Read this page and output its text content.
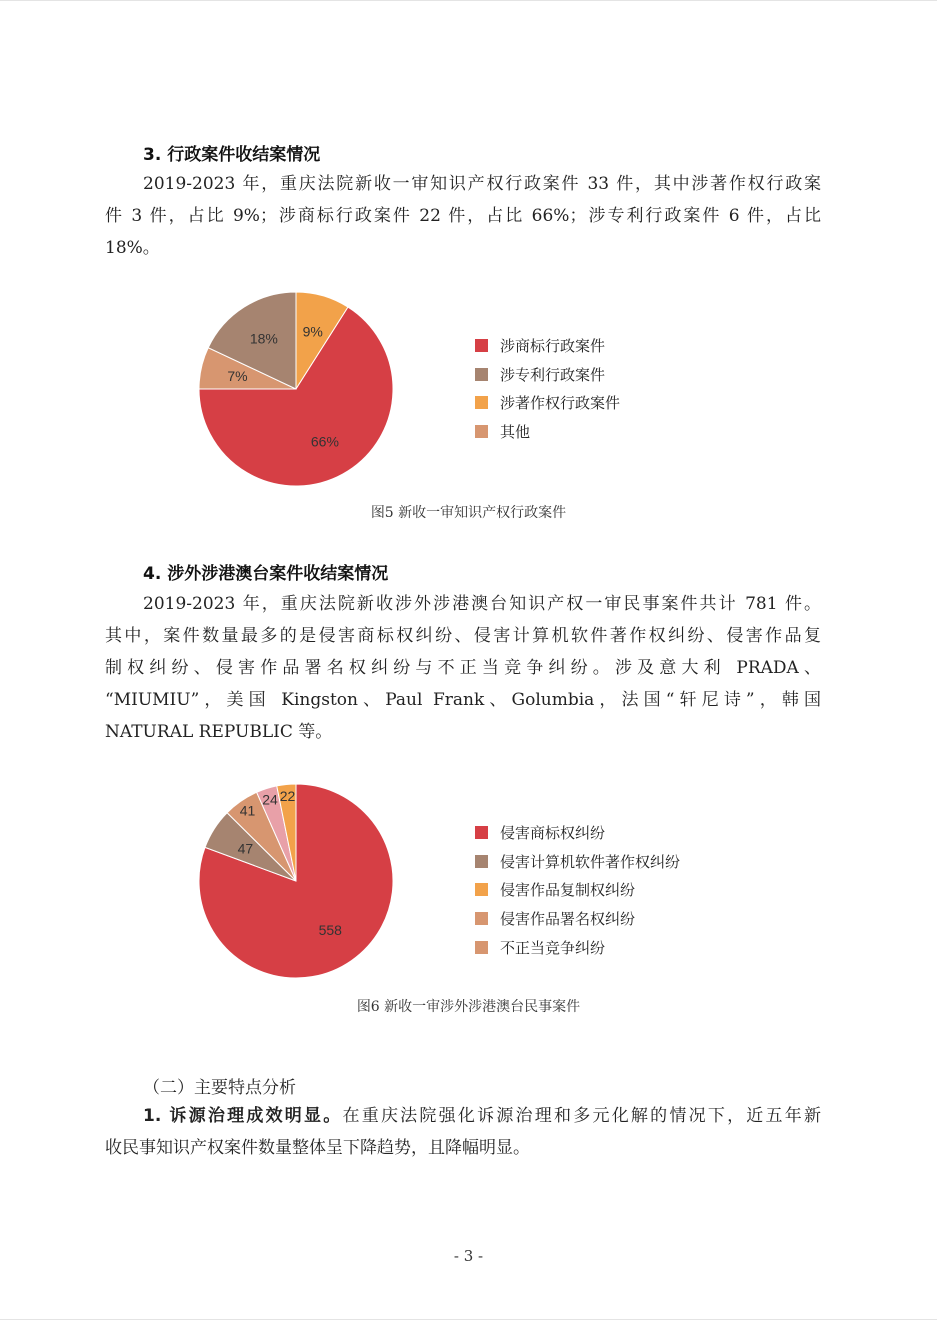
3. 行政案件收结案情况
2019-2023 年，重庆法院新收一审知识产权行政案件 33 件，其中涉著作权行政案
件 3 件，占比 9%；涉商标行政案件 22 件，占比 66%；涉专利行政案件 6 件，占比
18%。
9%
66%
7%
18%	涉商标行政案件
涉专利行政案件
涉著作权行政案件
其他
图5 新收一审知识产权行政案件
4. 涉外涉港澳台案件收结案情况
2019-2023 年，重庆法院新收涉外涉港澳台知识产权一审民事案件共计 781 件。
其中，案件数量最多的是侵害商标权纠纷、侵害计算机软件著作权纠纷、侵害作品复
制权纠纷、侵害作品署名权纠纷与不正当竞争纠纷。涉及意大利 PRADA、
“MIUMIU”，美国 Kingston、Paul Frank、Golumbia，法国“轩尼诗”，韩国
NATURAL REPUBLIC 等。
558
47
41
24 22
侵害商标权纠纷
侵害计算机软件著作权纠纷
侵害作品复制权纠纷
侵害作品署名权纠纷
不正当竞争纠纷
图6 新收一审涉外涉港澳台民事案件
（二）主要特点分析
1. 诉源治理成效明显。在重庆法院强化诉源治理和多元化解的情况下，近五年新
收民事知识产权案件数量整体呈下降趋势，且降幅明显。
- 3 -
